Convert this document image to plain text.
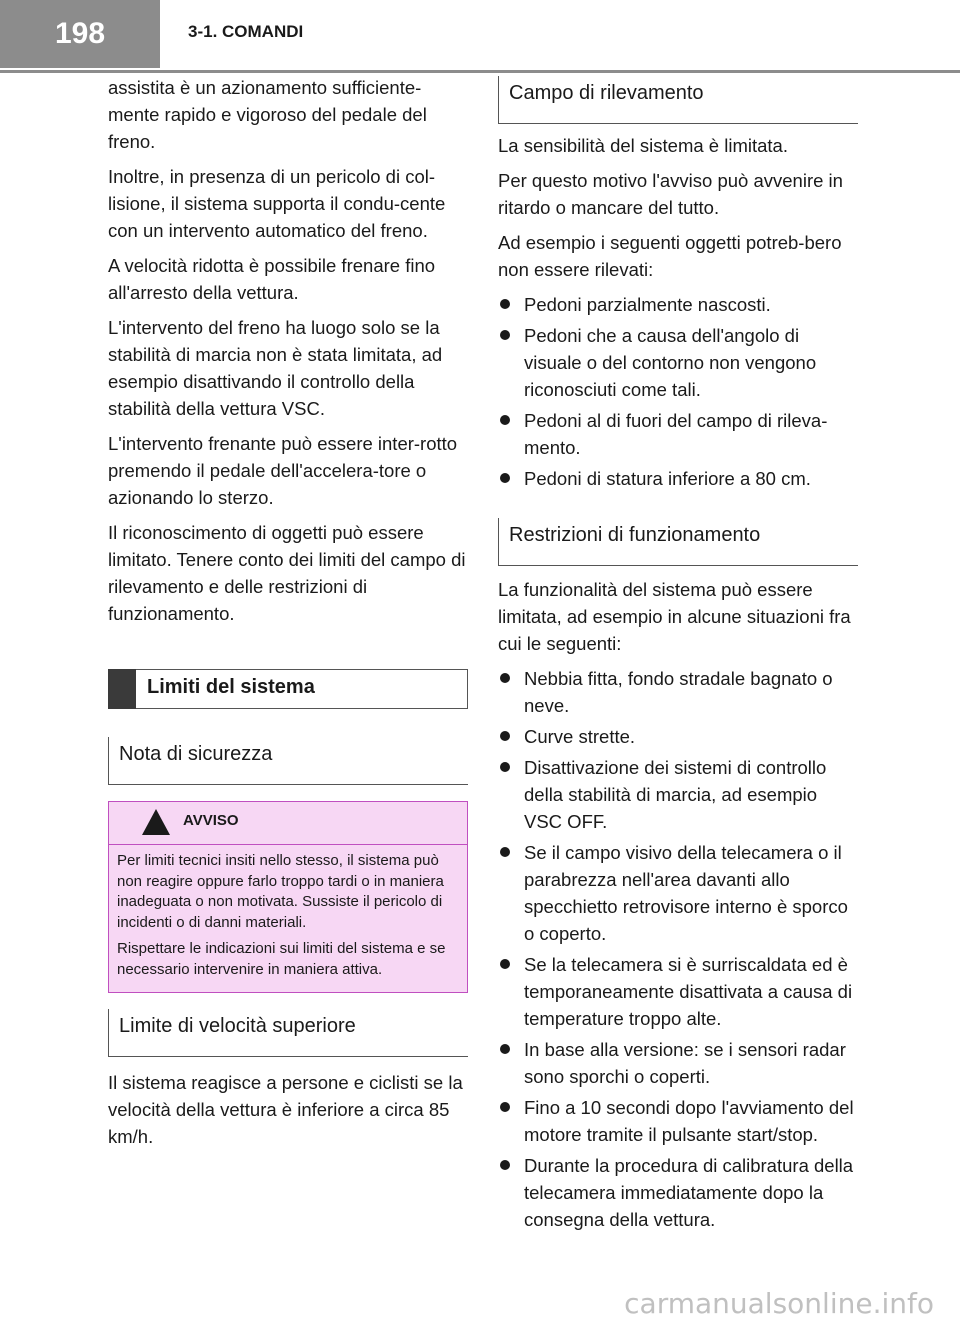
198	3-1. COMANDI

assistita è un azionamento sufficiente-mente rapido e vigoroso del pedale del freno.

Inoltre, in presenza di un pericolo di col-lisione, il sistema supporta il condu-cente con un intervento automatico del freno.

A velocità ridotta è possibile frenare fino all'arresto della vettura.

L'intervento del freno ha luogo solo se la stabilità di marcia non è stata limitata, ad esempio disattivando il controllo della stabilità della vettura VSC.

L'intervento frenante può essere inter-rotto premendo il pedale dell'accelera-tore o azionando lo sterzo.

Il riconoscimento di oggetti può essere limitato. Tenere conto dei limiti del campo di rilevamento e delle restrizioni di funzionamento.

Limiti del sistema
Nota di sicurezza
AVVISO

Per limiti tecnici insiti nello stesso, il sistema può non reagire oppure farlo troppo tardi o in maniera inadeguata o non motivata. Sussiste il pericolo di incidenti o di danni materiali.

Rispettare le indicazioni sui limiti del sistema e se necessario intervenire in maniera attiva.

Limite di velocità superiore

Il sistema reagisce a persone e ciclisti se la velocità della vettura è inferiore a circa 85 km/h.

Campo di rilevamento

La sensibilità del sistema è limitata.

Per questo motivo l'avviso può avvenire in ritardo o mancare del tutto.

Ad esempio i seguenti oggetti potreb-bero non essere rilevati:

Pedoni parzialmente nascosti.
Pedoni che a causa dell'angolo di visuale o del contorno non vengono riconosciuti come tali.
Pedoni al di fuori del campo di rileva-mento.
Pedoni di statura inferiore a 80 cm.
Restrizioni di funzionamento

La funzionalità del sistema può essere limitata, ad esempio in alcune situazioni fra cui le seguenti:

Nebbia fitta, fondo stradale bagnato o neve.
Curve strette.
Disattivazione dei sistemi di controllo della stabilità di marcia, ad esempio VSC OFF.
Se il campo visivo della telecamera o il parabrezza nell'area davanti allo specchietto retrovisore interno è sporco o coperto.
Se la telecamera si è surriscaldata ed è temporaneamente disattivata a causa di temperature troppo alte.
In base alla versione: se i sensori radar sono sporchi o coperti.
Fino a 10 secondi dopo l'avviamento del motore tramite il pulsante start/stop.
Durante la procedura di calibratura della telecamera immediatamente dopo la consegna della vettura.
carmanualsonline.info
